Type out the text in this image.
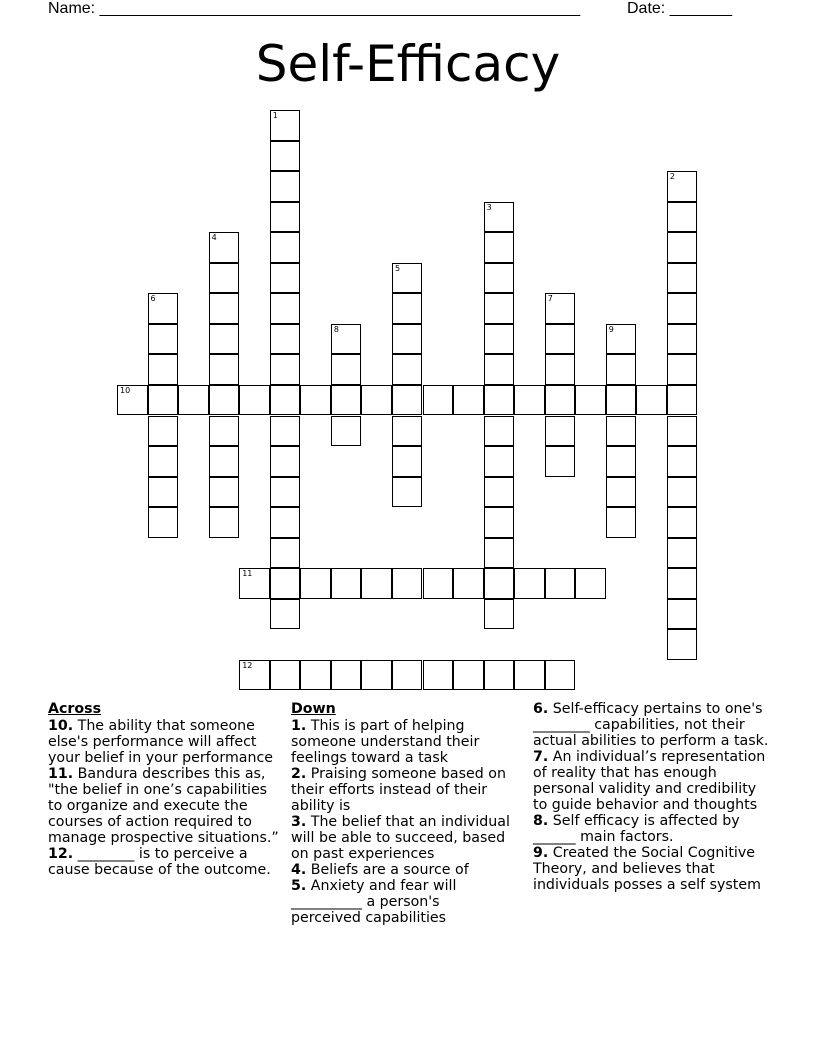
Name: ______________________________________________________	Date: _______
Self-Efficacy
1
2
3
4
5
6	7
8	9
10
11
12
Across

10. The ability that someone else's performance will affect your belief in your performance

11. Bandura describes this as, "the belief in one’s capabilities to organize and execute the courses of action required to manage prospective situations.”

12. ________ is to perceive a cause because of the outcome.

Down

1. This is part of helping someone understand their feelings toward a task

2. Praising someone based on their efforts instead of their ability is

3. The belief that an individual will be able to succeed, based on past experiences

4. Beliefs are a source of

5. Anxiety and fear will __________ a person's perceived capabilities

6. Self-efficacy pertains to one's ________ capabilities, not their actual abilities to perform a task.

7. An individual’s representation of reality that has enough personal validity and credibility to guide behavior and thoughts

8. Self efficacy is affected by ______ main factors.

9. Created the Social Cognitive Theory, and believes that individuals posses a self system
